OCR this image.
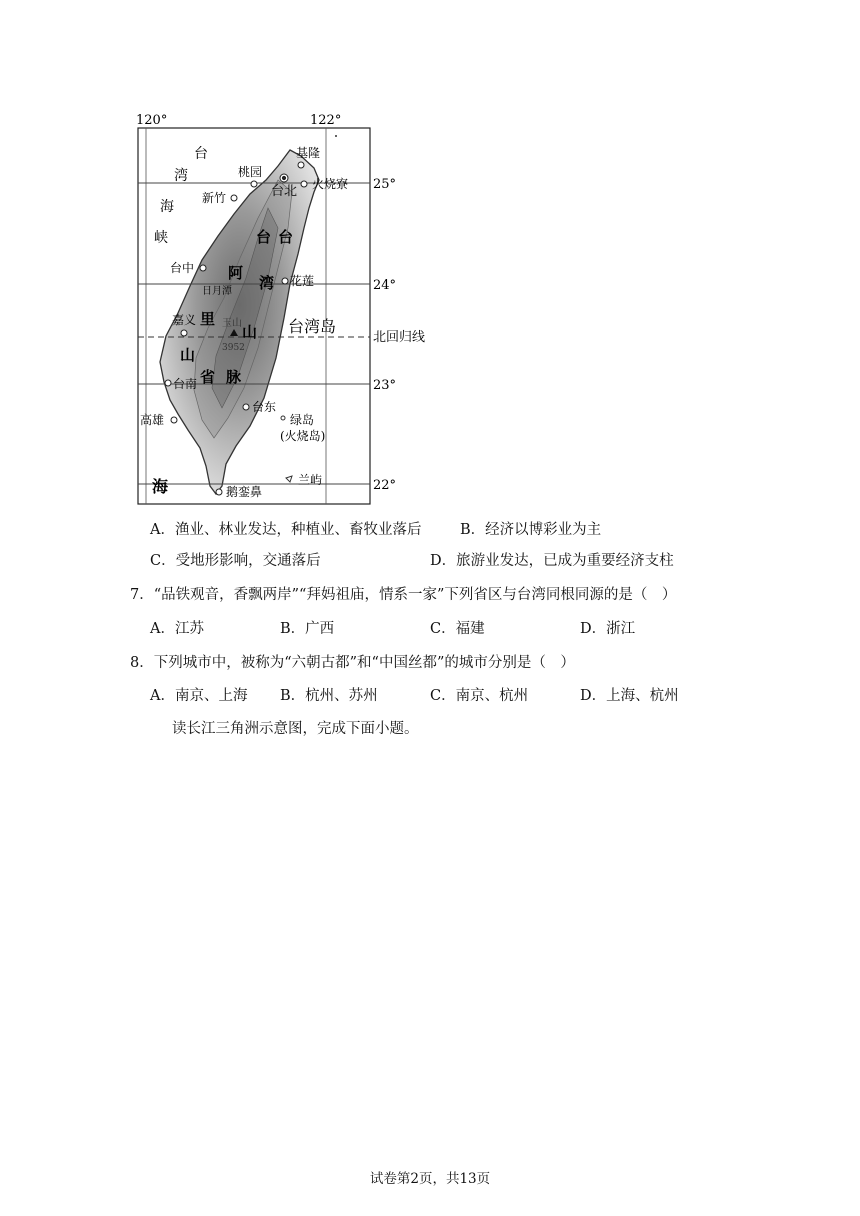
120°	122°
25°
24°
23°
22°
北回归线
台
湾
海
峡
海
基隆
桃园
台北 火烧寮
新竹
台中
花莲
日月潭
嘉义	玉山
3952
台南
台东
高雄
鹅銮鼻
绿岛
(火烧岛)
兰屿
台 台
湾
山
脉
阿
里
山
省
台湾岛
A．渔业、林业发达，种植业、畜牧业落后	B．经济以博彩业为主
C．受地形影响，交通落后	D．旅游业发达，已成为重要经济支柱
7．“品铁观音，香飘两岸”“拜妈祖庙，情系一家”下列省区与台湾同根同源的是（　）
A．江苏	B．广西	C．福建	D．浙江
8．下列城市中，被称为“六朝古都”和“中国丝都”的城市分别是（　）
A．南京、上海 B．杭州、苏州	C．南京、杭州	D．上海、杭州
读长江三角洲示意图，完成下面小题。
试卷第2页，共13页
